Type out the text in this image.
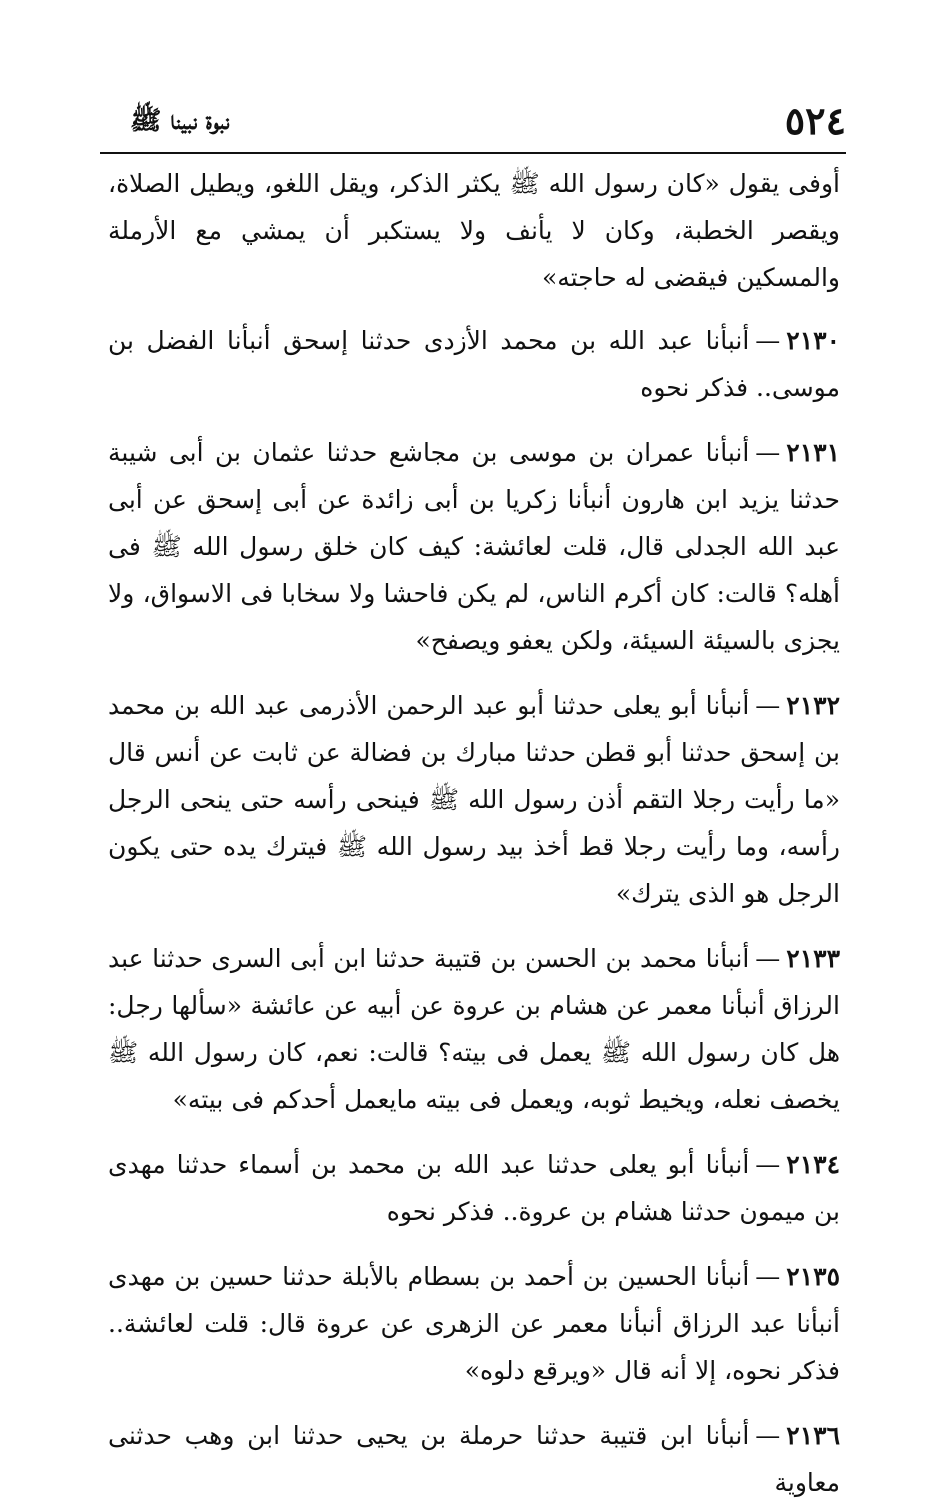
٥٢٤
نبوة نبينا ﷺ

أوفى يقول «كان رسول الله ﷺ يكثر الذكر، ويقل اللغو، ويطيل الصلاة، ويقصر الخطبة، وكان لا يأنف ولا يستكبر أن يمشي مع الأرملة والمسكين فيقضى له حاجته»

٢١٣٠—أنبأنا عبد الله بن محمد الأزدى حدثنا إسحق أنبأنا الفضل بن موسى.. فذكر نحوه

٢١٣١—أنبأنا عمران بن موسى بن مجاشع حدثنا عثمان بن أبى شيبة حدثنا يزيد ابن هارون أنبأنا زكريا بن أبى زائدة عن أبى إسحق عن أبى عبد الله الجدلى قال، قلت لعائشة: كيف كان خلق رسول الله ﷺ فى أهله؟ قالت: كان أكرم الناس، لم يكن فاحشا ولا سخابا فى الاسواق، ولا يجزى بالسيئة السيئة، ولكن يعفو ويصفح»

٢١٣٢—أنبأنا أبو يعلى حدثنا أبو عبد الرحمن الأذرمى عبد الله بن محمد بن إسحق حدثنا أبو قطن حدثنا مبارك بن فضالة عن ثابت عن أنس قال «ما رأيت رجلا التقم أذن رسول الله ﷺ فينحى رأسه حتى ينحى الرجل رأسه، وما رأيت رجلا قط أخذ بيد رسول الله ﷺ فيترك يده حتى يكون الرجل هو الذى يترك»

٢١٣٣—أنبأنا محمد بن الحسن بن قتيبة حدثنا ابن أبى السرى حدثنا عبد الرزاق أنبأنا معمر عن هشام بن عروة عن أبيه عن عائشة «سألها رجل: هل كان رسول الله ﷺ يعمل فى بيته؟ قالت: نعم، كان رسول الله ﷺ يخصف نعله، ويخيط ثوبه، ويعمل فى بيته مايعمل أحدكم فى بيته»

٢١٣٤—أنبأنا أبو يعلى حدثنا عبد الله بن محمد بن أسماء حدثنا مهدى بن ميمون حدثنا هشام بن عروة.. فذكر نحوه

٢١٣٥—أنبأنا الحسين بن أحمد بن بسطام بالأبلة حدثنا حسين بن مهدى أنبأنا عبد الرزاق أنبأنا معمر عن الزهرى عن عروة قال: قلت لعائشة.. فذكر نحوه، إلا أنه قال «ويرقع دلوه»

٢١٣٦—أنبأنا ابن قتيبة حدثنا حرملة بن يحيى حدثنا ابن وهب حدثنى معاوية
